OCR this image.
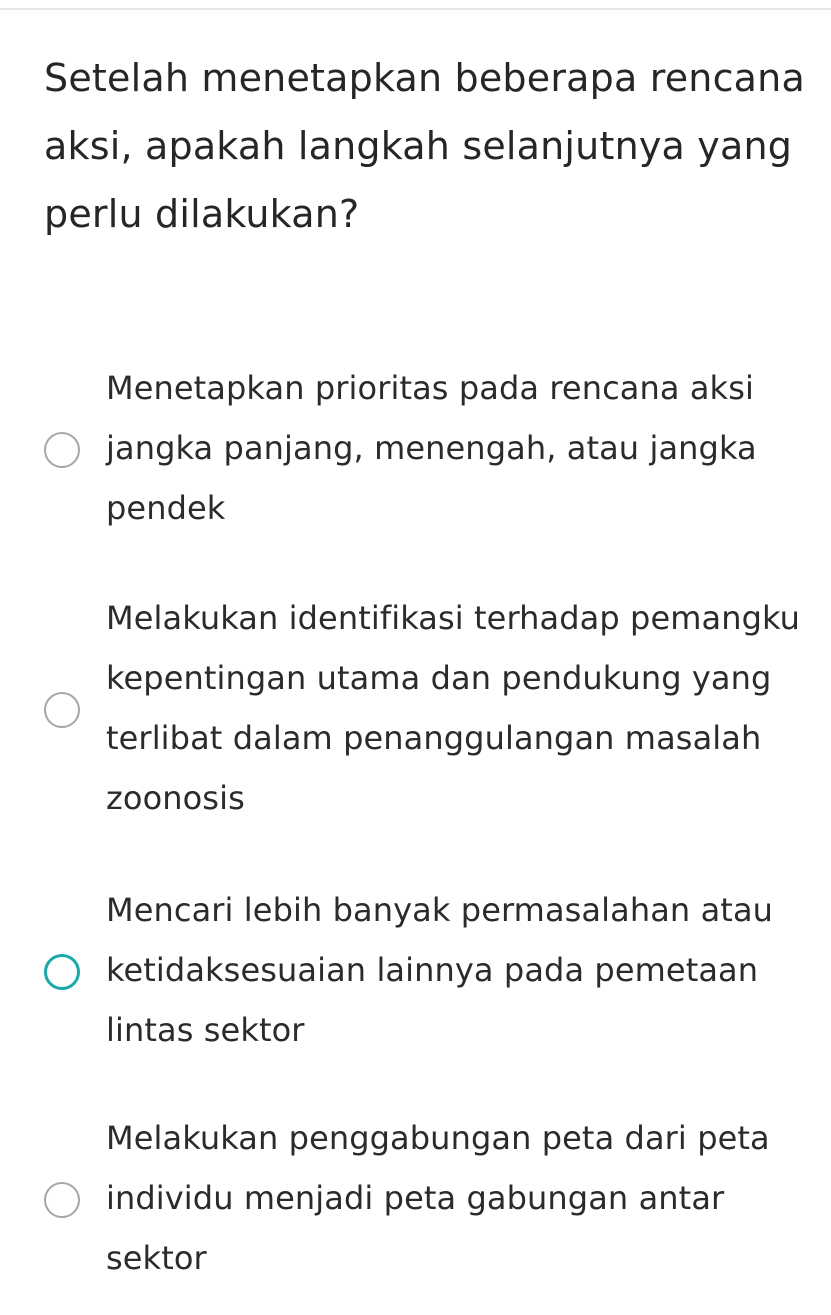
Setelah menetapkan beberapa rencana aksi, apakah langkah selanjutnya yang perlu dilakukan?
Menetapkan prioritas pada rencana aksi jangka panjang, menengah, atau jangka pendek
Melakukan identifikasi terhadap pemangku kepentingan utama dan pendukung yang terlibat dalam penanggulangan masalah zoonosis
Mencari lebih banyak permasalahan atau ketidaksesuaian lainnya pada pemetaan lintas sektor
Melakukan penggabungan peta dari peta individu menjadi peta gabungan antar sektor
